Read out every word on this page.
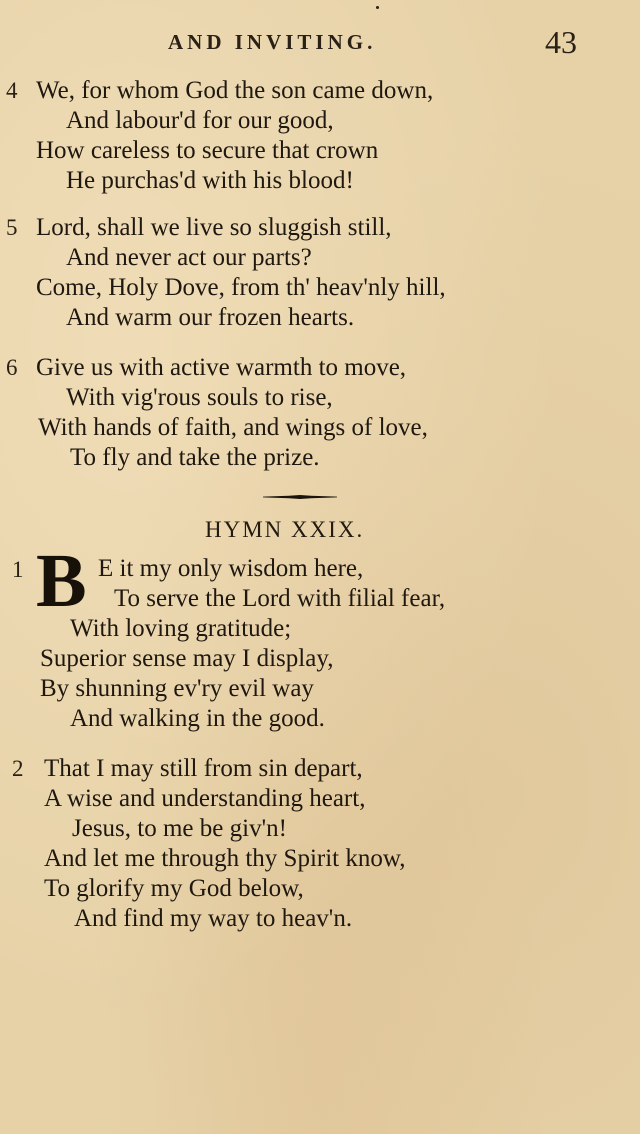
AND INVITING.	43
4 We, for whom God the son came down,
And labour'd for our good,
How careless to secure that crown
He purchas'd with his blood!
5 Lord, shall we live so sluggish still,
And never act our parts?
Come, Holy Dove, from th' heav'nly hill,
And warm our frozen hearts.
6 Give us with active warmth to move,
With vig'rous souls to rise,
With hands of faith, and wings of love,
To fly and take the prize.
HYMN XXIX.
1 B E it my only wisdom here,
To serve the Lord with filial fear,
With loving gratitude;
Superior sense may I display,
By shunning ev'ry evil way
And walking in the good.
2 That I may still from sin depart,
A wise and understanding heart,
Jesus, to me be giv'n!
And let me through thy Spirit know,
To glorify my God below,
And find my way to heav'n.
